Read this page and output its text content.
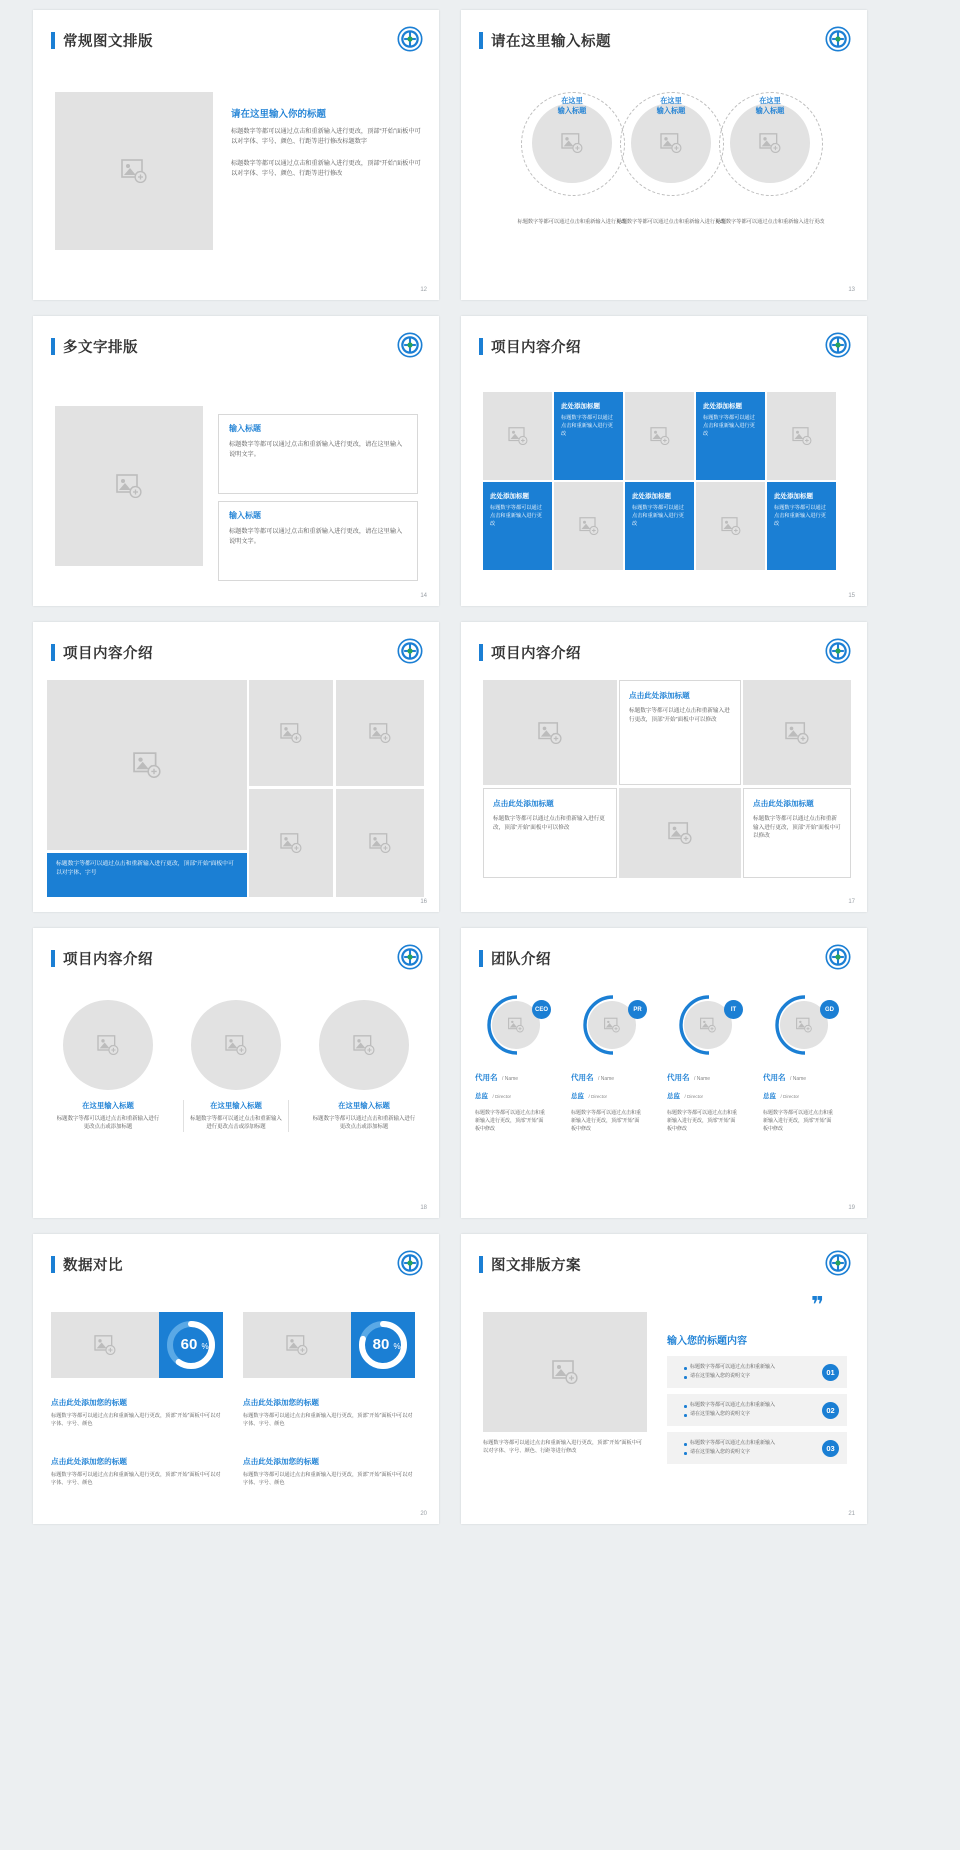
常规图文排版
请在这里输入你的标题
标题数字等都可以通过点击和重新输入进行更改，顶部“开始”面板中可以对字体、字号、颜色、行距等进行修改标题数字
标题数字等都可以通过点击和重新输入进行更改，顶部“开始”面板中可以对字体、字号、颜色、行距等进行修改
12
请在这里输入标题
在这里
输入标题
在这里
输入标题
在这里
输入标题
标题数字等都可以通过点击和重新输入进行更改
标题数字等都可以通过点击和重新输入进行更改
标题数字等都可以通过点击和重新输入进行更改
13
多文字排版
输入标题
标题数字等都可以通过点击和重新输入进行更改，请在这里输入说明文字。
输入标题
标题数字等都可以通过点击和重新输入进行更改，请在这里输入说明文字。
14
项目内容介绍
此处添加标题
标题数字等都可以通过点击和重新输入进行更改
此处添加标题
标题数字等都可以通过点击和重新输入进行更改
此处添加标题
标题数字等都可以通过点击和重新输入进行更改
此处添加标题
标题数字等都可以通过点击和重新输入进行更改
此处添加标题
标题数字等都可以通过点击和重新输入进行更改
15
项目内容介绍
标题数字等都可以通过点击和重新输入进行更改，顶部“开始”面板中可以对字体、字号
16
项目内容介绍
点击此处添加标题
标题数字等都可以通过点击和重新输入进行更改，顶部“开始”面板中可以修改
点击此处添加标题
标题数字等都可以通过点击和重新输入进行更改，顶部“开始”面板中可以修改
点击此处添加标题
标题数字等都可以通过点击和重新输入进行更改，顶部“开始”面板中可以修改
17
项目内容介绍
在这里输入标题
标题数字等都可以通过点击和重新输入进行更改点击或添加标题
在这里输入标题
标题数字等都可以通过点击和重新输入进行更改点击或添加标题
在这里输入标题
标题数字等都可以通过点击和重新输入进行更改点击或添加标题
18
团队介绍
CEO
代用名 / Name
总监 / Director
标题数字等都可以通过点击和重新输入进行更改，顶部“开始”面板中修改
PR
代用名 / Name
总监 / Director
标题数字等都可以通过点击和重新输入进行更改，顶部“开始”面板中修改
IT
代用名 / Name
总监 / Director
标题数字等都可以通过点击和重新输入进行更改，顶部“开始”面板中修改
GD
代用名 / Name
总监 / Director
标题数字等都可以通过点击和重新输入进行更改，顶部“开始”面板中修改
19
数据对比
60 %	80 %
点击此处添加您的标题
标题数字等都可以通过点击和重新输入进行更改，顶部“开始”面板中可以对字体、字号、颜色
点击此处添加您的标题
标题数字等都可以通过点击和重新输入进行更改，顶部“开始”面板中可以对字体、字号、颜色
点击此处添加您的标题
标题数字等都可以通过点击和重新输入进行更改，顶部“开始”面板中可以对字体、字号、颜色
点击此处添加您的标题
标题数字等都可以通过点击和重新输入进行更改，顶部“开始”面板中可以对字体、字号、颜色
20
图文排版方案
标题数字等都可以通过点击和重新输入进行更改，顶部“开始”面板中可以对字体、字号、颜色、行距等进行修改
❞
输入您的标题内容
标题数字等都可以通过点击和重新输入
请在这里输入您的说明文字	01
标题数字等都可以通过点击和重新输入
请在这里输入您的说明文字	02
标题数字等都可以通过点击和重新输入
请在这里输入您的说明文字	03
21
